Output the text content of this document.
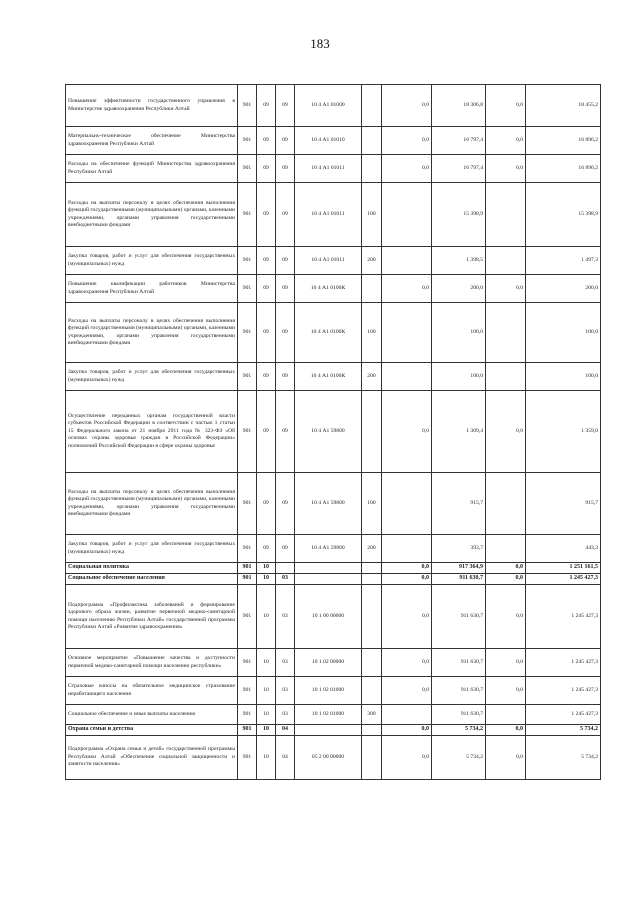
183
Повышение эффективности государственного управления в Министерстве здравоохранения Республики Алтай	901	09	09	10 4 А1 01000		0,0	18 306,8	0,0	18 455,2
Материально-техническое обеспечение Министерства здравоохранения Республики Алтай	901	09	09	10 4 А1 01010		0,0	16 797,4	0,0	16 896,2
Расходы на обеспечение функций Министерства здравоохранения Республики Алтай	901	09	09	10 4 А1 01011		0,0	16 797,4	0,0	16 896,2
Расходы на выплаты персоналу в целях обеспечения выполнения функций государственными (муниципальными) органами, казенными учреждениями, органами управления государственными внебюджетными фондами	901	09	09	10 4 А1 01011	100		15 398,9		15 398,9
Закупка товаров, работ и услуг для обеспечения государственных (муниципальных) нужд	901	09	09	10 4 А1 01011	200		1 398,5		1 497,3
Повышение квалификации работников Министерства здравоохранения Республики Алтай	901	09	09	10 4 А1 0100К		0,0	200,0	0,0	200,0
Расходы на выплаты персоналу в целях обеспечения выполнения функций государственными (муниципальными) органами, казенными учреждениями, органами управления государственными внебюджетными фондами	901	09	09	10 4 А1 0100К	100		100,0		100,0
Закупка товаров, работ и услуг для обеспечения государственных (муниципальных) нужд	901	09	09	10 4 А1 0100К	200		100,0		100,0
Осуществление переданных органам государственной власти субъектов Российской Федерации в соответствии с частью 1 статьи 15 Федерального закона от 21 ноября 2011 года № 323-ФЗ «Об основах охраны здоровья граждан в Российской Федерации» полномочий Российской Федерации в сфере охраны здоровья	901	09	09	10 4 А1 59800		0,0	1 309,4	0,0	1 359,0
Расходы на выплаты персоналу в целях обеспечения выполнения функций государственными (муниципальными) органами, казенными учреждениями, органами управления государственными внебюджетными фондами	901	09	09	10 4 А1 59800	100		915,7		915,7
Закупка товаров, работ и услуг для обеспечения государственных (муниципальных) нужд	901	09	09	10 4 А1 59800	200		393,7		443,3
Социальная политика	901	10				0,0	917 364,9	0,0	1 251 161,5
Социальное обеспечение населения	901	10	03			0,0	911 630,7	0,0	1 245 427,3
Подпрограмма «Профилактика заболеваний и формирование здорового образа жизни, развитие первичной медико-санитарной помощи населению Республики Алтай» государственной программы Республики Алтай «Развитие здравоохранения»	901	10	03	10 1 00 00000		0,0	911 630,7	0,0	1 245 427,3
Основное мероприятие «Повышение качества и доступности первичной медико-санитарной помощи населению республики»	901	10	03	10 1 02 00000		0,0	911 630,7	0,0	1 245 427,3
Страховые взносы на обязательное медицинское страхование неработающего населения	901	10	03	10 1 02 01000		0,0	911 630,7	0,0	1 245 427,3
Социальное обеспечение и иные выплаты населению	901	10	03	10 1 02 01000	300		911 630,7		1 245 427,3
Охрана семьи и детства	901	10	04			0,0	5 734,2	0,0	5 734,2
Подпрограмма «Охрана семьи и детей» государственной программы Республики Алтай «Обеспечение социальной защищенности и занятости населения»	901	10	04	05 2 00 00000		0,0	5 734,2	0,0	5 734,2
